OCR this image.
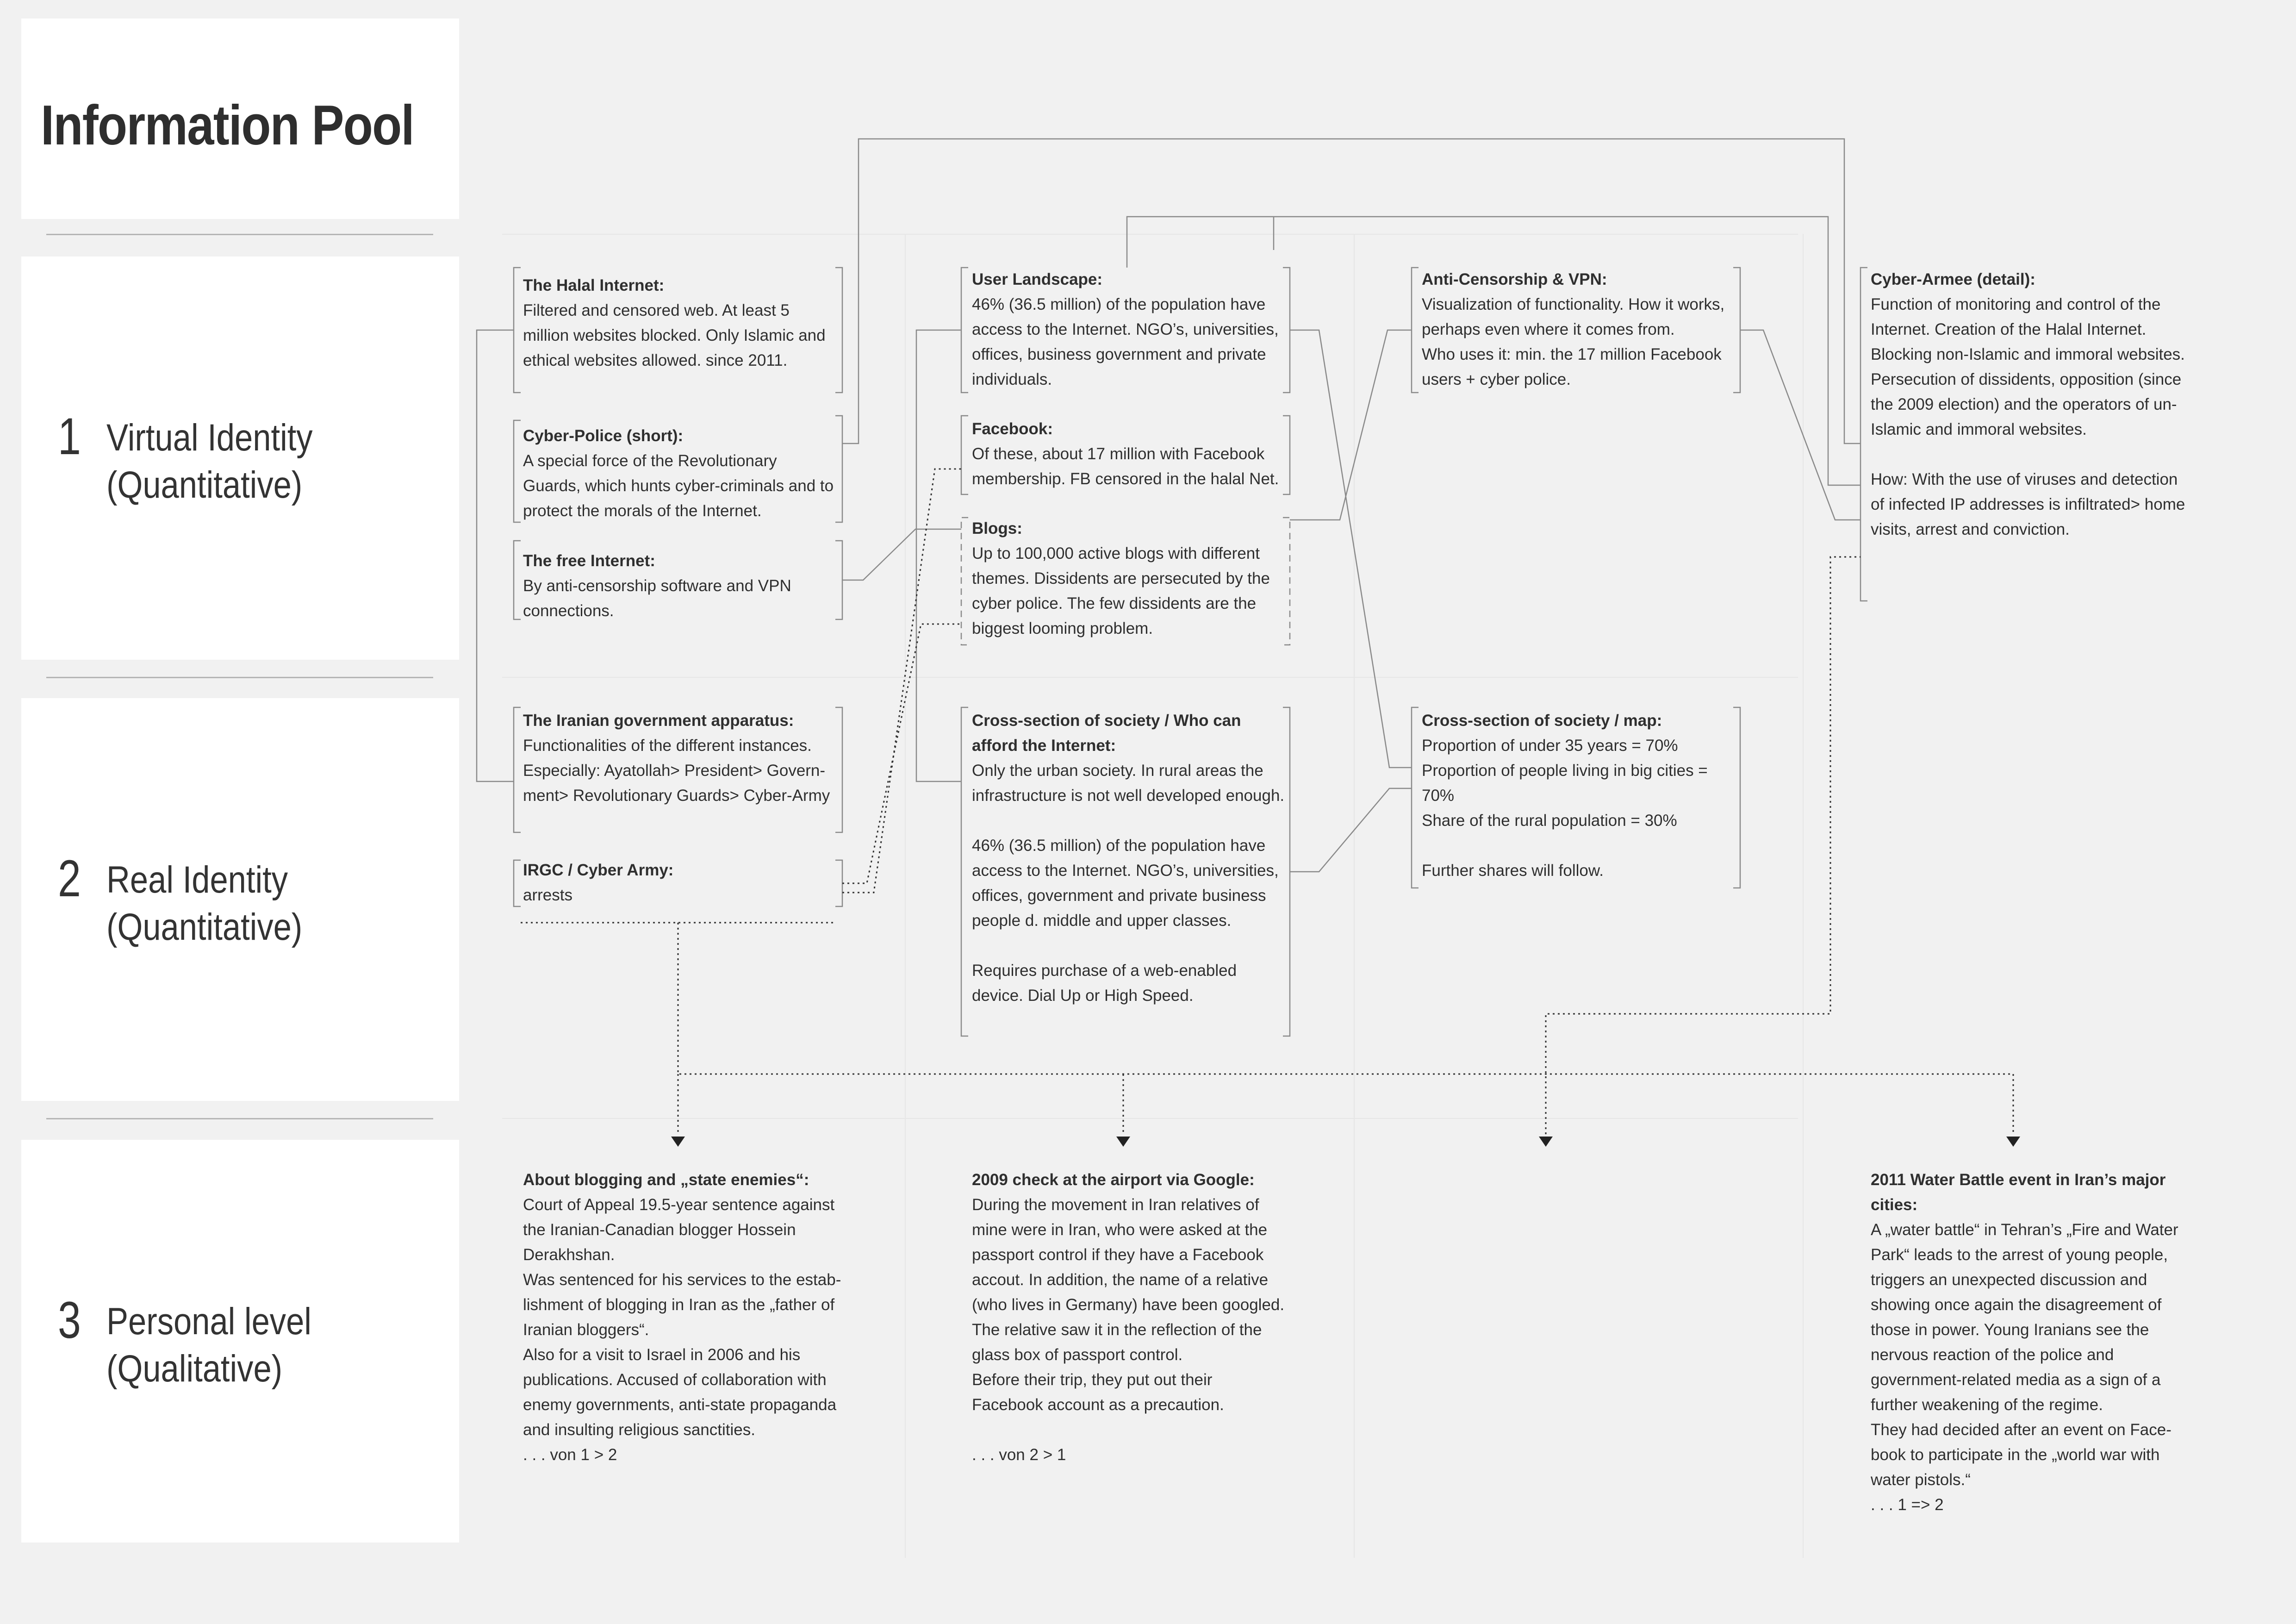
Information Pool
1 Virtual Identity
(Quantitative)
2 Real Identity
(Quantitative)
3 Personal level
(Qualitative)
The Halal Internet:

Filtered and censored web. At least 5 million websites blocked. Only Islamic and ethical websites allowed. since 2011.

Cyber-Police (short):

A special force of the Revolutionary Guards, which hunts cyber-criminals and to protect the morals of the Internet.

The free Internet:

By anti-censorship software and VPN connections.

The Iranian government apparatus:

Functionalities of the different instances. Especially: Ayatollah> President> Govern-ment> Revolutionary Guards> Cyber-Army

IRGC / Cyber Army:

arrests

User Landscape:

46% (36.5 million) of the population have access to the Internet. NGO’s, universities, offices, business government and private individuals.

Facebook:

Of these, about 17 million with Facebook membership. FB censored in the halal Net.

Blogs:

Up to 100,000 active blogs with different themes. Dissidents are persecuted by the cyber police. The few dissidents are the biggest looming problem.

Cross-section of society / Who can afford the Internet:

Only the urban society. In rural areas the infrastructure is not well developed enough.

46% (36.5 million) of the population have access to the Internet. NGO’s, universities, offices, government and private business people d. middle and upper classes.

Requires purchase of a web-enabled device. Dial Up or High Speed.

Anti-Censorship & VPN:

Visualization of functionality. How it works, perhaps even where it comes from.
Who uses it: min. the 17 million Facebook users + cyber police.

Cross-section of society / map:

Proportion of under 35 years = 70%
Proportion of people living in big cities = 70%
Share of the rural population = 30%

Further shares will follow.

Cyber-Armee (detail):

Function of monitoring and control of the Internet. Creation of the Halal Internet. Blocking non-Islamic and immoral websites. Persecution of dissidents, opposition (since the 2009 election) and the operators of un-Islamic and immoral websites.

How: With the use of viruses and detection of infected IP addresses is infiltrated> home visits, arrest and conviction.

About blogging and „state enemies“:

Court of Appeal 19.5-year sentence against the Iranian-Canadian blogger Hossein Derakhshan.
Was sentenced for his services to the estab-lishment of blogging in Iran as the „father of Iranian bloggers“.
Also for a visit to Israel in 2006 and his publications. Accused of collaboration with enemy governments, anti-state propaganda and insulting religious sanctities.
. . . von 1 > 2

2009 check at the airport via Google:

During the movement in Iran relatives of mine were in Iran, who were asked at the passport control if they have a Facebook accout. In addition, the name of a relative (who lives in Germany) have been googled. The relative saw it in the reflection of the glass box of passport control.
Before their trip, they put out their Facebook account as a precaution.

. . . von 2 > 1

2011 Water Battle event in Iran’s major cities:

A „water battle“ in Tehran’s „Fire and Water Park“ leads to the arrest of young people, triggers an unexpected discussion and showing once again the disagreement of those in power. Young Iranians see the nervous reaction of the police and government-related media as a sign of a further weakening of the regime.
They had decided after an event on Face-book to participate in the „world war with water pistols.“
. . . 1 => 2
